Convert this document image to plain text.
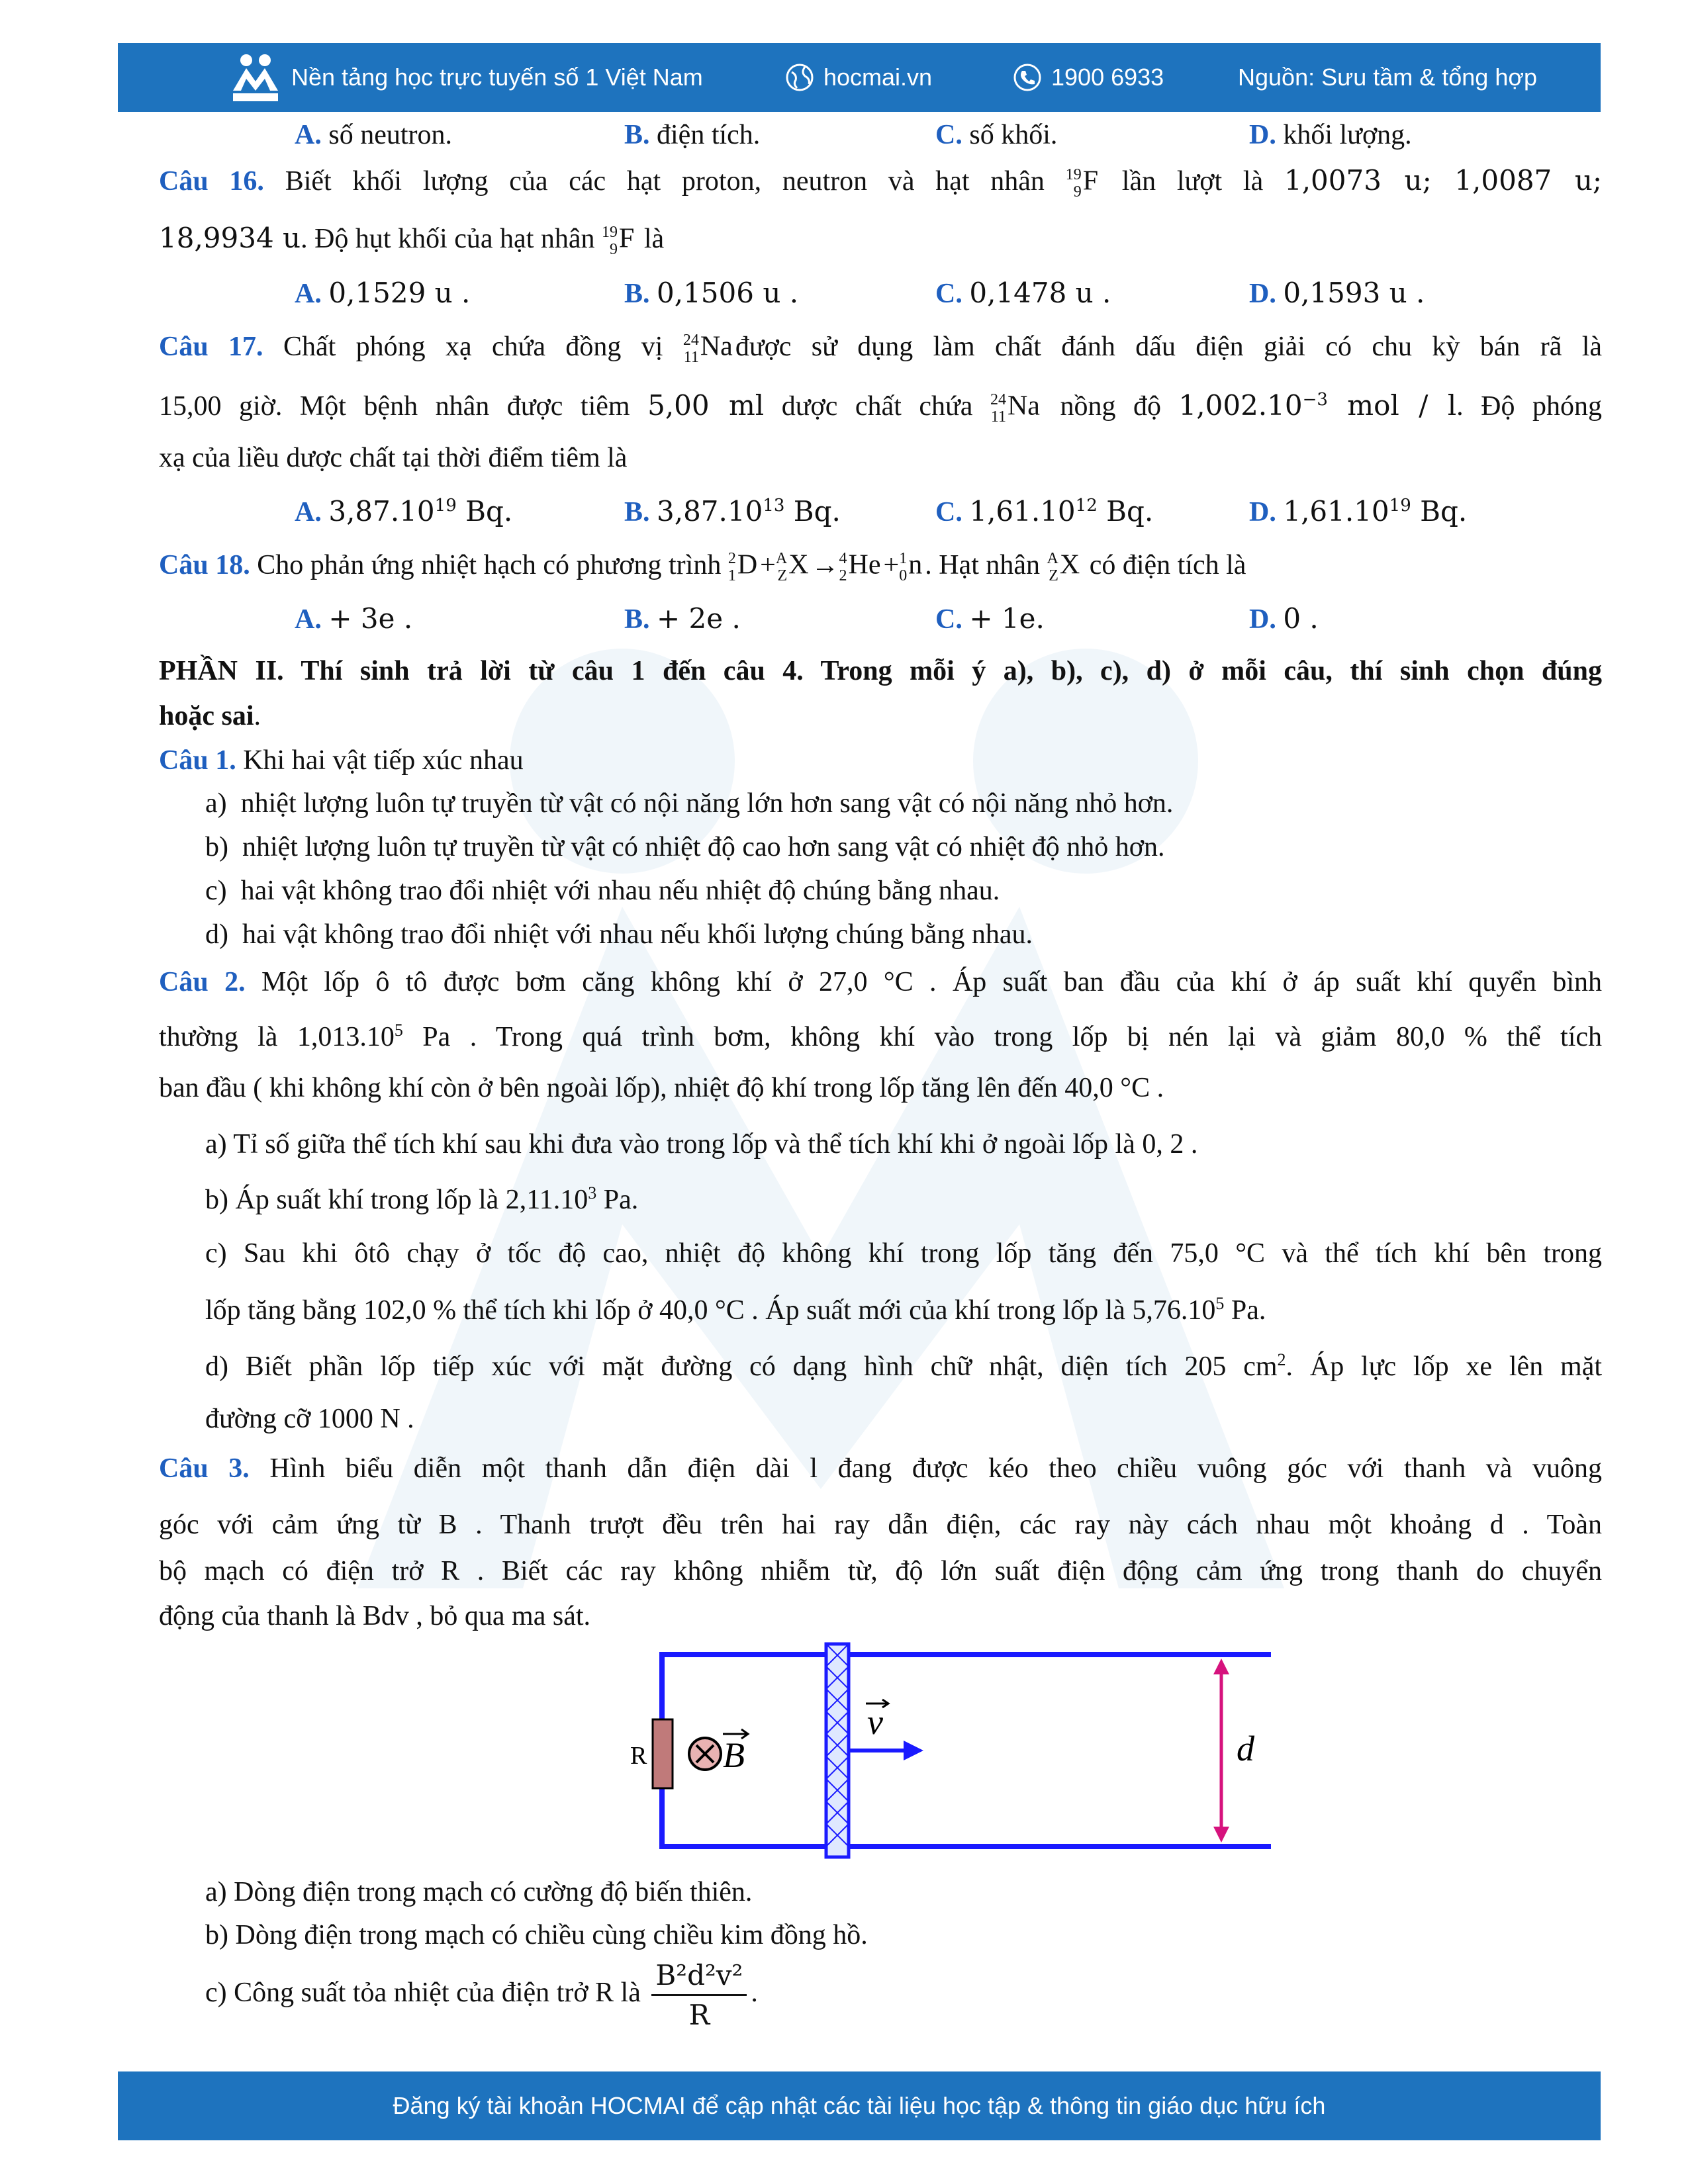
Nền tảng học trực tuyến số 1 Việt Nam	hocmai.vn	1900 6933	Nguồn: Sưu tầm & tổng hợp
A. số neutron.	B. điện tích.	C. số khối.	D. khối lượng.
Câu 16. Biết khối lượng của các hạt proton, neutron và hạt nhân 19
9 F lần lượt là 1,0073 u; 1,0087 u;
18,9934 u. Độ hụt khối của hạt nhân 19
9 F là
A. 0,1529 u .	B. 0,1506 u .	C. 0,1478 u .	D. 0,1593 u .
Câu 17. Chất phóng xạ chứa đồng vị 24
11 Nađược sử dụng làm chất đánh dấu điện giải có chu kỳ bán rã là
15,00 giờ. Một bệnh nhân được tiêm 5,00 ml dược chất chứa 24
11 Na nồng độ $1,002.10^{-3}$ mol / l. Độ phóng
xạ của liều dược chất tại thời điểm tiêm là
A. 3,87.10$^{19}$ Bq.	B. 3,87.10$^{13}$ Bq.	C. 1,61.10$^{12}$ Bq.	D. 1,61.10$^{19}$ Bq.
Câu 18. Cho phản ứng nhiệt hạch có phương trình 2
1 D+ A
Z X→ 4
2 He+ 1
0 n. Hạt nhân A
Z X có điện tích là
A. + 3e .	B. + 2e .	C. + 1e.	D. 0 .
PHẦN II. Thí sinh trả lời từ câu 1 đến câu 4. Trong mỗi ý a), b), c), d) ở mỗi câu, thí sinh chọn đúng
hoặc sai.
Câu 1. Khi hai vật tiếp xúc nhau
a) nhiệt lượng luôn tự truyền từ vật có nội năng lớn hơn sang vật có nội năng nhỏ hơn.
b) nhiệt lượng luôn tự truyền từ vật có nhiệt độ cao hơn sang vật có nhiệt độ nhỏ hơn.
c) hai vật không trao đổi nhiệt với nhau nếu nhiệt độ chúng bằng nhau.
d) hai vật không trao đổi nhiệt với nhau nếu khối lượng chúng bằng nhau.
Câu 2. Một lốp ô tô được bơm căng không khí ở 27,0 °C . Áp suất ban đầu của khí ở áp suất khí quyển bình
thường là 1,013.10$^5$ Pa . Trong quá trình bơm, không khí vào trong lốp bị nén lại và giảm 80,0 % thể tích
ban đầu ( khi không khí còn ở bên ngoài lốp), nhiệt độ khí trong lốp tăng lên đến 40,0 °C .
a) Tỉ số giữa thể tích khí sau khi đưa vào trong lốp và thể tích khí khi ở ngoài lốp là 0, 2 .
b) Áp suất khí trong lốp là 2,11.10$^3$ Pa.
c) Sau khi ôtô chạy ở tốc độ cao, nhiệt độ không khí trong lốp tăng đến 75,0 °C và thể tích khí bên trong
lốp tăng bằng 102,0 % thể tích khi lốp ở 40,0 °C . Áp suất mới của khí trong lốp là 5,76.10$^5$ Pa.
d) Biết phần lốp tiếp xúc với mặt đường có dạng hình chữ nhật, diện tích 205 $cm^2$. Áp lực lốp xe lên mặt
đường cỡ 1000 N .
Câu 3. Hình biểu diễn một thanh dẫn điện dài l đang được kéo theo chiều vuông góc với thanh và vuông
góc với cảm ứng từ B . Thanh trượt đều trên hai ray dẫn điện, các ray này cách nhau một khoảng d . Toàn
bộ mạch có điện trở R . Biết các ray không nhiễm từ, độ lớn suất điện động cảm ứng trong thanh do chuyển
động của thanh là Bdv , bỏ qua ma sát.
R B
v
d
a) Dòng điện trong mạch có cường độ biến thiên.
b) Dòng điện trong mạch có chiều cùng chiều kim đồng hồ.
c) Công suất tỏa nhiệt của điện trở R là $\frac{\text{B²d²v²}}{R}$ .
Đăng ký tài khoản HOCMAI để cập nhật các tài liệu học tập & thông tin giáo dục hữu ích
